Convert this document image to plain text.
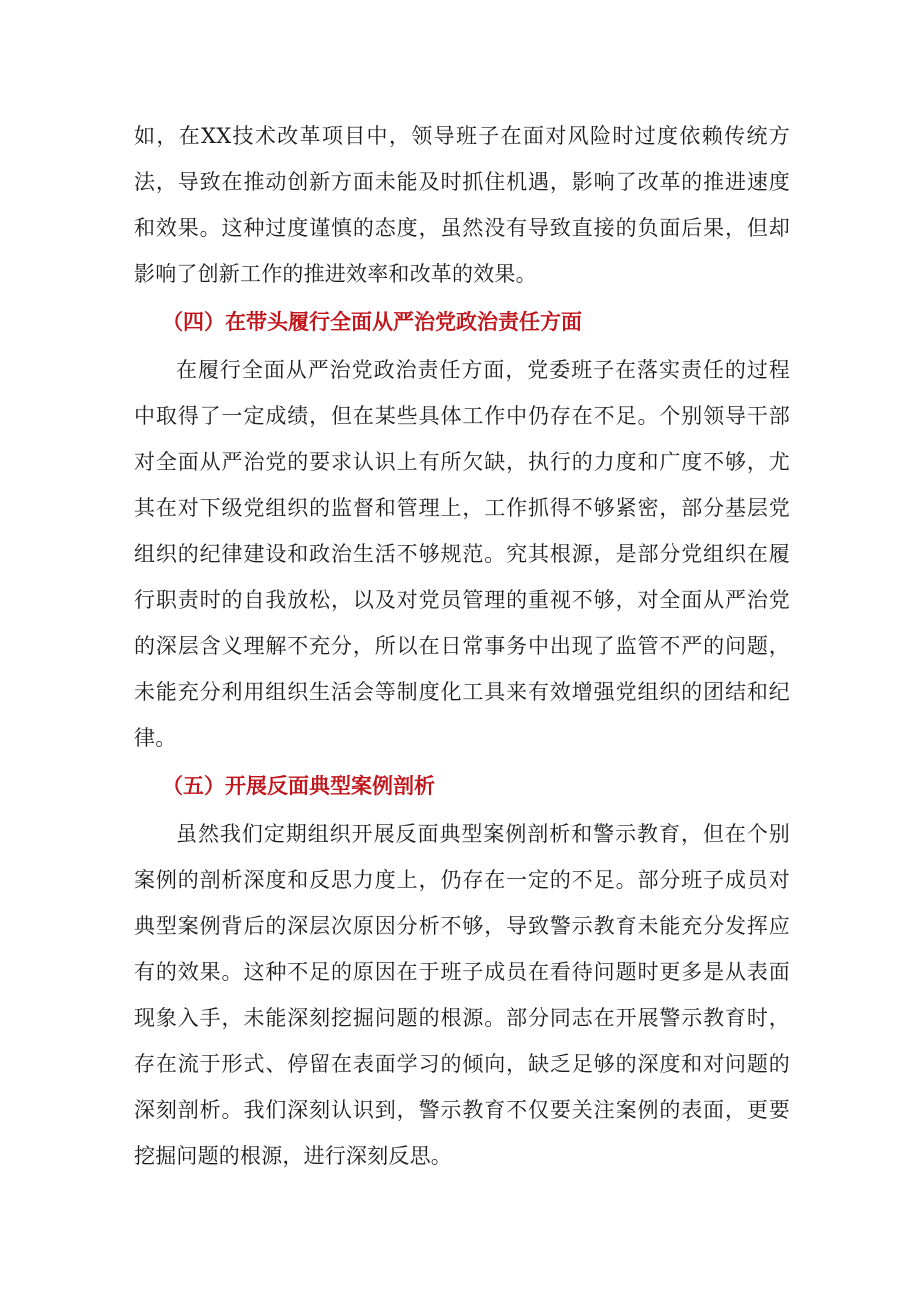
如，在XX技术改革项目中，领导班子在面对风险时过度依赖传统方法，导致在推动创新方面未能及时抓住机遇，影响了改革的推进速度和效果。这种过度谨慎的态度，虽然没有导致直接的负面后果，但却影响了创新工作的推进效率和改革的效果。

（四）在带头履行全面从严治党政治责任方面

在履行全面从严治党政治责任方面，党委班子在落实责任的过程中取得了一定成绩，但在某些具体工作中仍存在不足。个别领导干部对全面从严治党的要求认识上有所欠缺，执行的力度和广度不够，尤其在对下级党组织的监督和管理上，工作抓得不够紧密，部分基层党组织的纪律建设和政治生活不够规范。究其根源，是部分党组织在履行职责时的自我放松，以及对党员管理的重视不够，对全面从严治党的深层含义理解不充分，所以在日常事务中出现了监管不严的问题，未能充分利用组织生活会等制度化工具来有效增强党组织的团结和纪律。

（五）开展反面典型案例剖析

虽然我们定期组织开展反面典型案例剖析和警示教育，但在个别案例的剖析深度和反思力度上，仍存在一定的不足。部分班子成员对典型案例背后的深层次原因分析不够，导致警示教育未能充分发挥应有的效果。这种不足的原因在于班子成员在看待问题时更多是从表面现象入手，未能深刻挖掘问题的根源。部分同志在开展警示教育时，存在流于形式、停留在表面学习的倾向，缺乏足够的深度和对问题的深刻剖析。我们深刻认识到，警示教育不仅要关注案例的表面，更要挖掘问题的根源，进行深刻反思。
